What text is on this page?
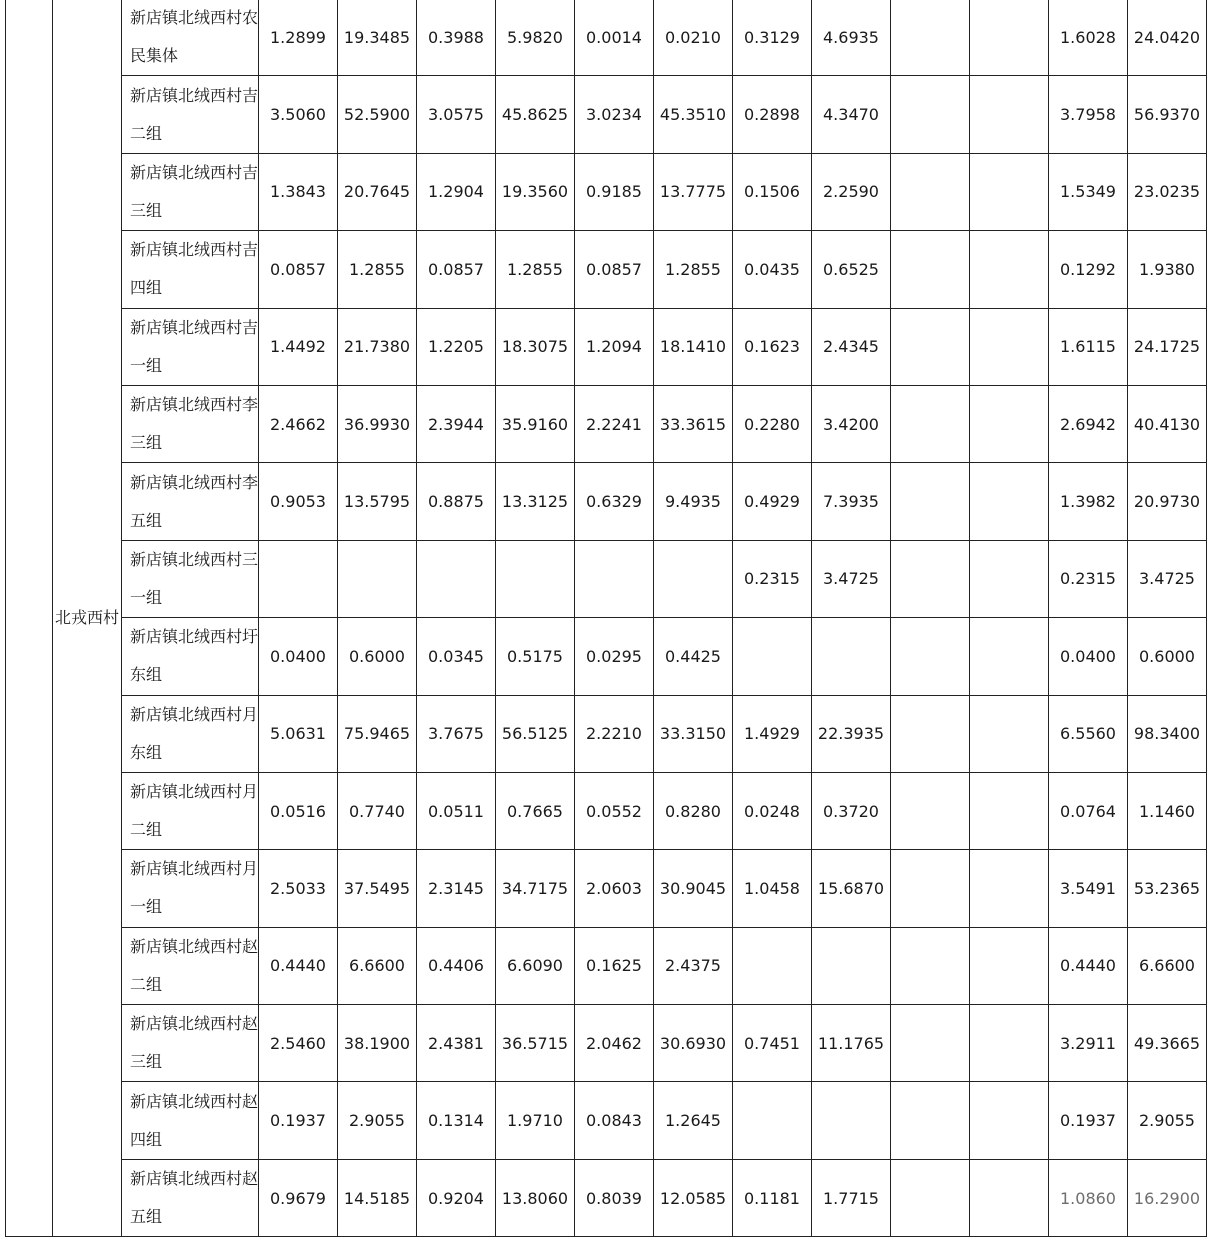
	北戎西村	新店镇北绒西村农民集体	1.2899	19.3485	0.3988	5.9820	0.0014	0.0210	0.3129	4.6935			1.6028	24.0420
		新店镇北绒西村吉二组	3.5060	52.5900	3.0575	45.8625	3.0234	45.3510	0.2898	4.3470			3.7958	56.9370
		新店镇北绒西村吉三组	1.3843	20.7645	1.2904	19.3560	0.9185	13.7775	0.1506	2.2590			1.5349	23.0235
		新店镇北绒西村吉四组	0.0857	1.2855	0.0857	1.2855	0.0857	1.2855	0.0435	0.6525			0.1292	1.9380
		新店镇北绒西村吉一组	1.4492	21.7380	1.2205	18.3075	1.2094	18.1410	0.1623	2.4345			1.6115	24.1725
		新店镇北绒西村李三组	2.4662	36.9930	2.3944	35.9160	2.2241	33.3615	0.2280	3.4200			2.6942	40.4130
		新店镇北绒西村李五组	0.9053	13.5795	0.8875	13.3125	0.6329	9.4935	0.4929	7.3935			1.3982	20.9730
		新店镇北绒西村三一组							0.2315	3.4725			0.2315	3.4725
		新店镇北绒西村圩东组	0.0400	0.6000	0.0345	0.5175	0.0295	0.4425					0.0400	0.6000
		新店镇北绒西村月东组	5.0631	75.9465	3.7675	56.5125	2.2210	33.3150	1.4929	22.3935			6.5560	98.3400
		新店镇北绒西村月二组	0.0516	0.7740	0.0511	0.7665	0.0552	0.8280	0.0248	0.3720			0.0764	1.1460
		新店镇北绒西村月一组	2.5033	37.5495	2.3145	34.7175	2.0603	30.9045	1.0458	15.6870			3.5491	53.2365
		新店镇北绒西村赵二组	0.4440	6.6600	0.4406	6.6090	0.1625	2.4375					0.4440	6.6600
		新店镇北绒西村赵三组	2.5460	38.1900	2.4381	36.5715	2.0462	30.6930	0.7451	11.1765			3.2911	49.3665
		新店镇北绒西村赵四组	0.1937	2.9055	0.1314	1.9710	0.0843	1.2645					0.1937	2.9055
		新店镇北绒西村赵五组	0.9679	14.5185	0.9204	13.8060	0.8039	12.0585	0.1181	1.7715			1.0860	16.2900
